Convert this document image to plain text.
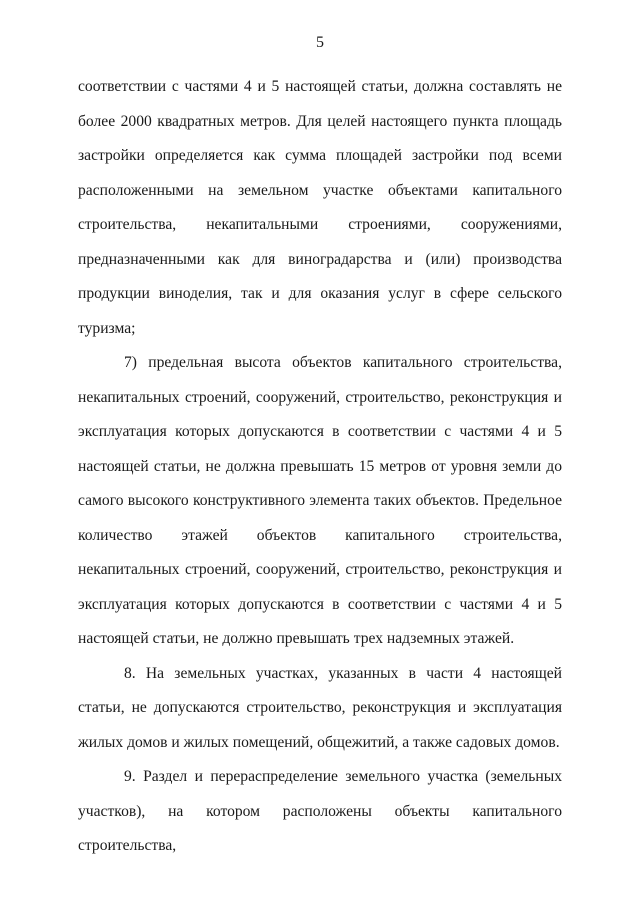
5

соответствии с частями 4 и 5 настоящей статьи, должна составлять не более 2000 квадратных метров. Для целей настоящего пункта площадь застройки определяется как сумма площадей застройки под всеми расположенными на земельном участке объектами капитального строительства, некапитальными строениями, сооружениями, предназначенными как для виноградарства и (или) производства продукции виноделия, так и для оказания услуг в сфере сельского туризма;

7) предельная высота объектов капитального строительства, некапитальных строений, сооружений, строительство, реконструкция и эксплуатация которых допускаются в соответствии с частями 4 и 5 настоящей статьи, не должна превышать 15 метров от уровня земли до самого высокого конструктивного элемента таких объектов. Предельное количество этажей объектов капитального строительства, некапитальных строений, сооружений, строительство, реконструкция и эксплуатация которых допускаются в соответствии с частями 4 и 5 настоящей статьи, не должно превышать трех надземных этажей.

8. На земельных участках, указанных в части 4 настоящей статьи, не допускаются строительство, реконструкция и эксплуатация жилых домов и жилых помещений, общежитий, а также садовых домов.

9. Раздел и перераспределение земельного участка (земельных участков), на котором расположены объекты капитального строительства,
